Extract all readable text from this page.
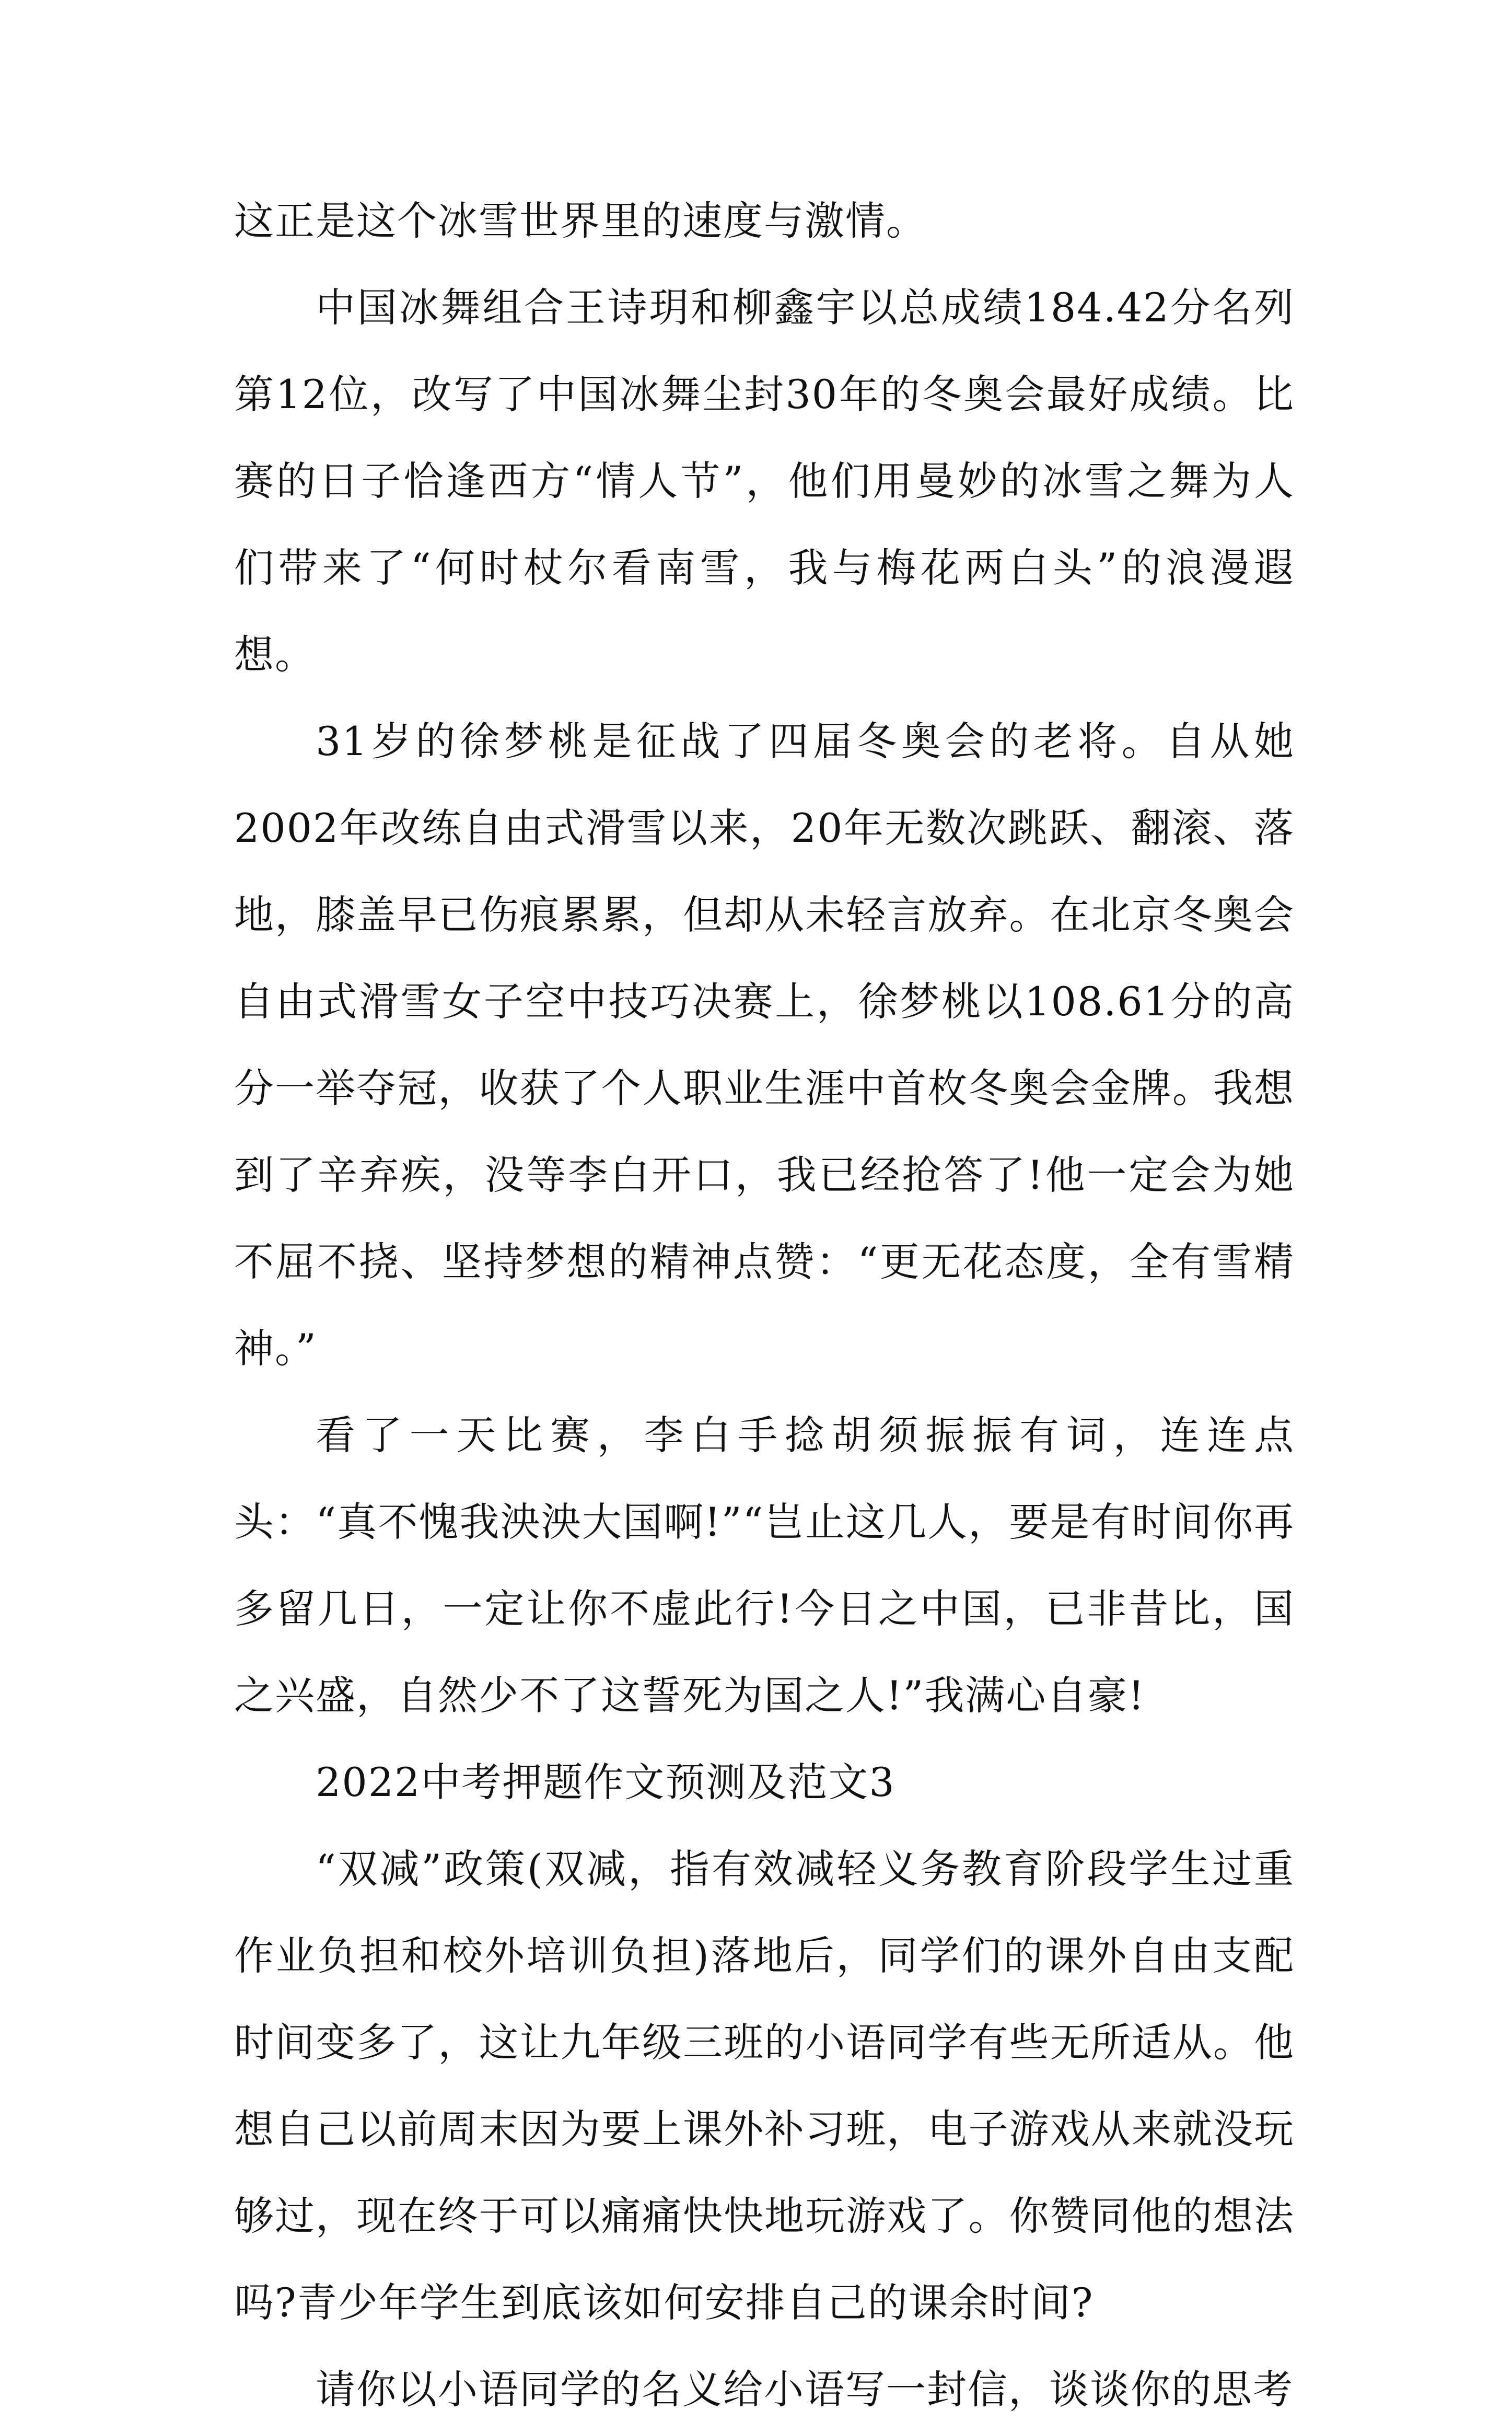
这正是这个冰雪世界里的速度与激情。

中国冰舞组合王诗玥和柳鑫宇以总成绩184.42分名列第12位，改写了中国冰舞尘封30年的冬奥会最好成绩。比赛的日子恰逢西方“情人节”，他们用曼妙的冰雪之舞为人们带来了“何时杖尔看南雪，我与梅花两白头”的浪漫遐想。

31岁的徐梦桃是征战了四届冬奥会的老将。自从她2002年改练自由式滑雪以来，20年无数次跳跃、翻滚、落地，膝盖早已伤痕累累，但却从未轻言放弃。在北京冬奥会自由式滑雪女子空中技巧决赛上，徐梦桃以108.61分的高分一举夺冠，收获了个人职业生涯中首枚冬奥会金牌。我想到了辛弃疾，没等李白开口，我已经抢答了!他一定会为她不屈不挠、坚持梦想的精神点赞：“更无花态度，全有雪精神。”

看了一天比赛，李白手捻胡须振振有词，连连点头：“真不愧我泱泱大国啊!”“岂止这几人，要是有时间你再多留几日，一定让你不虚此行!今日之中国，已非昔比，国之兴盛，自然少不了这誓死为国之人!”我满心自豪!

2022中考押题作文预测及范文3

“双减”政策(双减，指有效减轻义务教育阶段学生过重作业负担和校外培训负担)落地后，同学们的课外自由支配时间变多了，这让九年级三班的小语同学有些无所适从。他想自己以前周末因为要上课外补习班，电子游戏从来就没玩够过，现在终于可以痛痛快快地玩游戏了。你赞同他的想法吗?青少年学生到底该如何安排自己的课余时间?

请你以小语同学的名义给小语写一封信，谈谈你的思考
